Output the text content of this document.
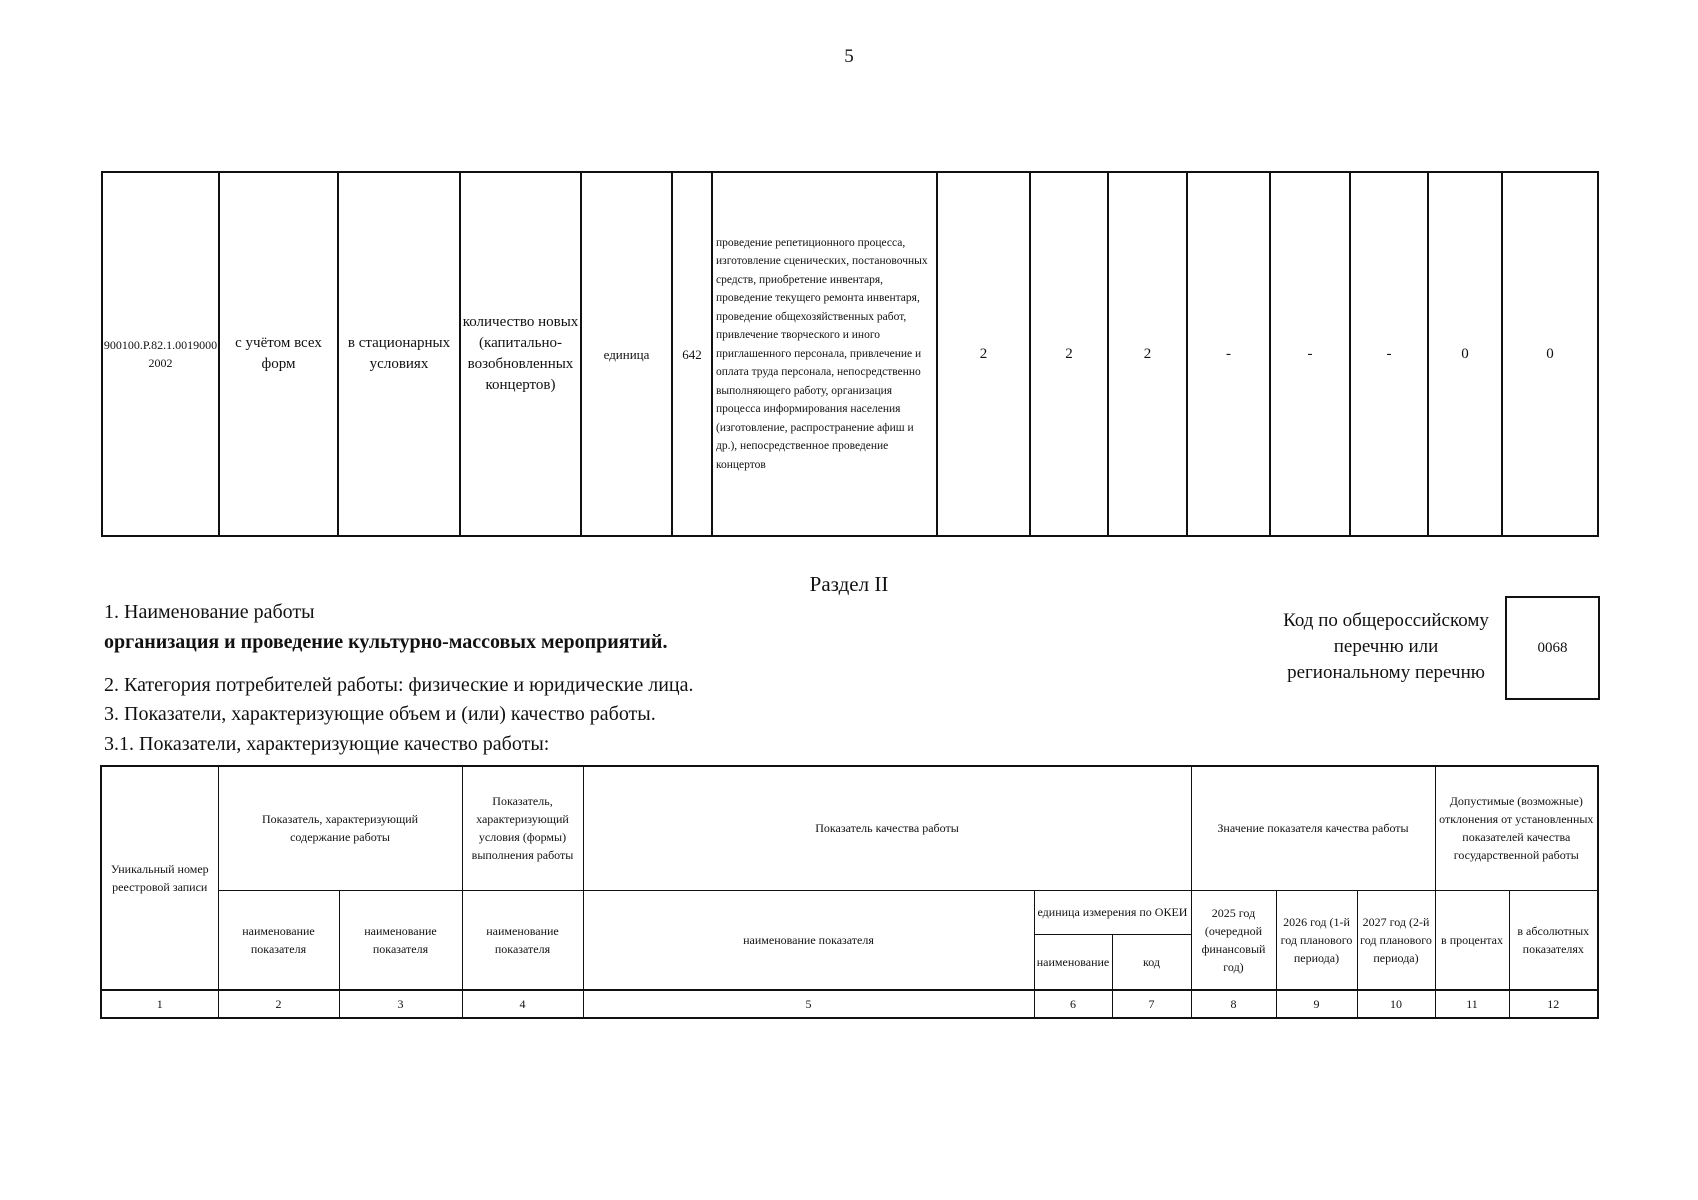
5
900100.Р.82.1.00190002002	с учётом всех форм	в стационарных условиях	количество новых (капитально-возобновленных концертов)	единица	642	проведение репетиционного процесса, изготовление сценических, постановочных средств, приобретение инвентаря, проведение текущего ремонта инвентаря, проведение общехозяйственных работ, привлечение творческого и иного приглашенного персонала, привлечение и оплата труда персонала, непосредственно выполняющего работу, организация процесса информирования населения (изготовление, распространение афиш и др.), непосредственное проведение концертов	2	2	2	-	-	-	0	0
Раздел II
1. Наименование работы
организация и проведение культурно-массовых мероприятий.
Код по общероссийскому
перечню или
региональному перечню
0068
2. Категория потребителей работы: физические и юридические лица.
3. Показатели, характеризующие объем и (или) качество работы.
3.1. Показатели, характеризующие качество работы:
Уникальный номер реестровой записи	Показатель, характеризующий содержание работы		Показатель, характеризующий условия (формы) выполнения работы	Показатель качества работы			Значение показателя качества работы			Допустимые (возможные) отклонения от установленных показателей качества государственной работы	
	наименование показателя	наименование показателя	наименование показателя	наименование показателя	единица измерения по ОКЕИ		2025 год (очередной финансовый год)	2026 год (1-й год планового периода)	2027 год (2-й год планового периода)	в процентах	в абсолютных показателях
					наименование	код					
1	2	3	4	5	6	7	8	9	10	11	12
